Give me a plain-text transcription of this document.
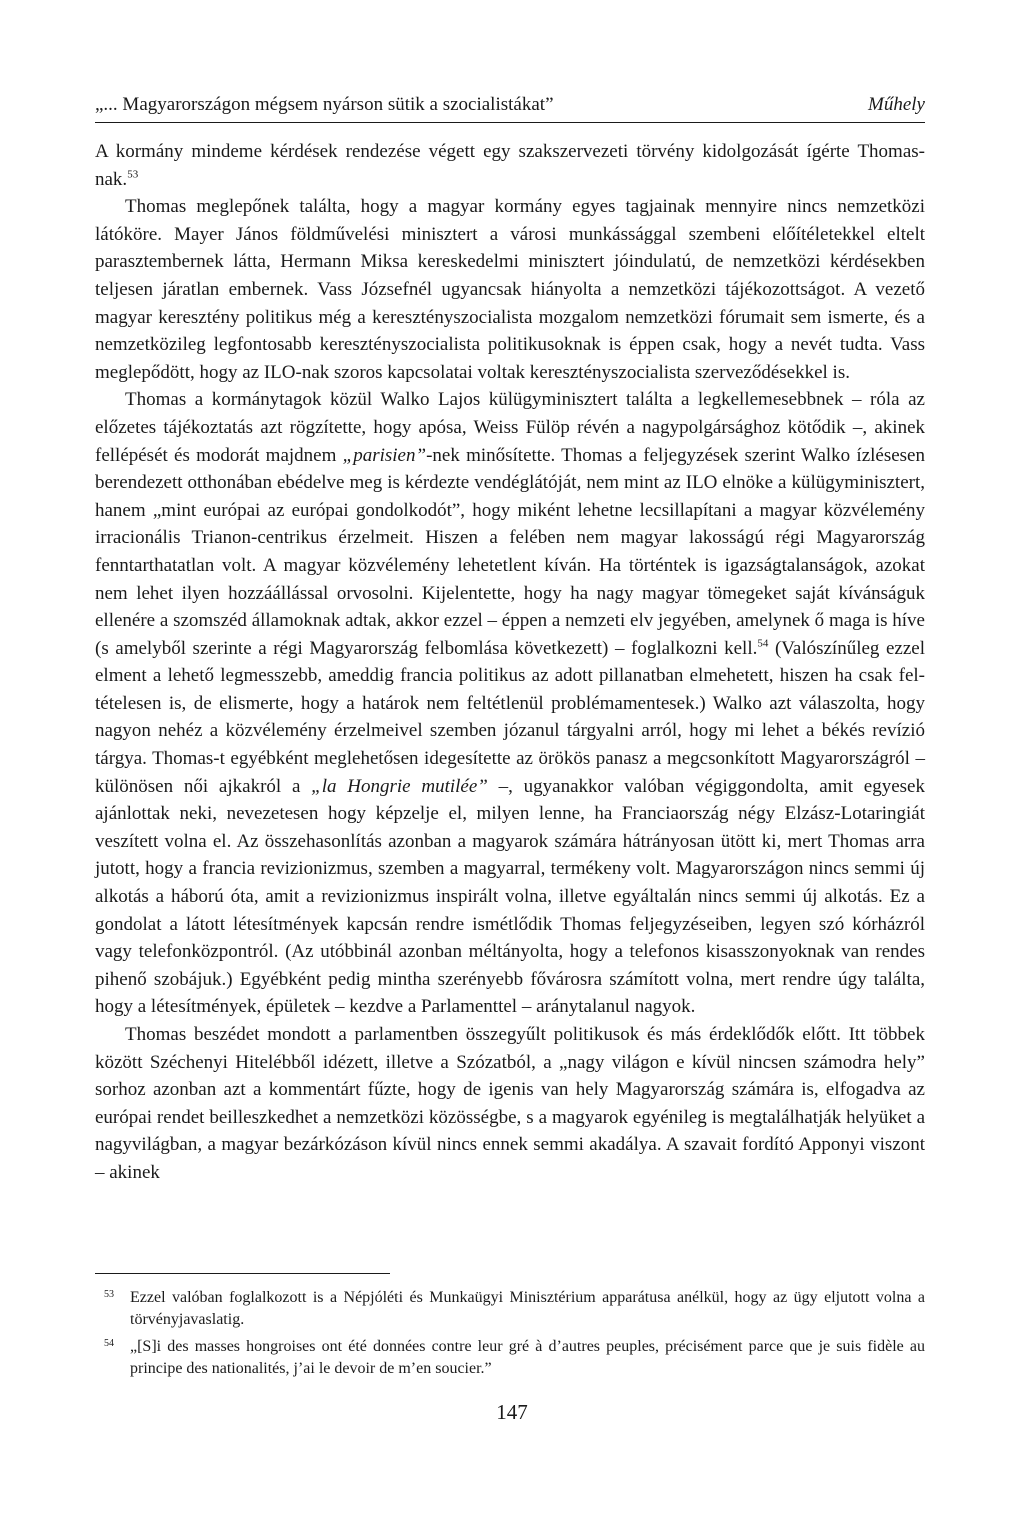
„... Magyarországon mégsem nyárson sütik a szocialistákat”	Műhely

A kormány mindeme kérdések rendezése végett egy szakszervezeti törvény kidolgozását ígérte Thomas-nak.$^{53}$

Thomas meglepőnek találta, hogy a magyar kormány egyes tagjainak mennyire nincs nemzetközi látóköre. Mayer János földművelési minisztert a városi munkássággal szembeni előítéletekkel eltelt parasztembernek látta, Hermann Miksa kereskedelmi minisztert jóindulatú, de nemzetközi kérdésekben teljesen járatlan embernek. Vass Józsefnél ugyancsak hiányolta a nemzetközi tájékozottságot. A vezető magyar keresztény politikus még a keresztényszocialista mozgalom nemzetközi fórumait sem ismerte, és a nemzetközileg legfontosabb keresztényszocialista politikusoknak is éppen csak, hogy a nevét tudta. Vass meglepődött, hogy az ILO-nak szoros kapcsolatai voltak keresztényszocialista szerveződésekkel is.

Thomas a kormánytagok közül Walko Lajos külügyminisztert találta a legkellemesebbnek – róla az előzetes tájékoztatás azt rögzítette, hogy apósa, Weiss Fülöp révén a nagypolgársághoz kötődik –, akinek fellépését és modorát majdnem „parisien”-nek minősítette. Thomas a feljegyzések szerint Walko ízlésesen berendezett otthonában ebédelve meg is kérdezte vendéglátóját, nem mint az ILO elnöke a külügyminisztert, hanem „mint európai az európai gondolkodót”, hogy miként lehetne lecsillapítani a magyar közvélemény irracionális Trianon-centrikus érzelmeit. Hiszen a felében nem magyar lakosságú régi Magyarország fenntarthatatlan volt. A magyar közvélemény lehetetlent kíván. Ha történtek is igazságtalanságok, azokat nem lehet ilyen hozzáállással orvosolni. Kijelentette, hogy ha nagy magyar tömegeket saját kívánságuk ellenére a szomszéd államoknak adtak, akkor ezzel – éppen a nemzeti elv jegyében, amelynek ő maga is híve (s amelyből szerinte a régi Magyarország felbomlása következett) – foglalkozni kell.$^{54}$ (Valószínűleg ezzel elment a lehető legmesszebb, ameddig francia politikus az adott pillanatban elmehetett, hiszen ha csak feltételesen is, de elismerte, hogy a határok nem feltétlenül problémamentesek.) Walko azt válaszolta, hogy nagyon nehéz a közvélemény érzelmeivel szemben józanul tárgyalni arról, hogy mi lehet a békés revízió tárgya. Thomas-t egyébként meglehetősen idegesítette az örökös panasz a megcsonkított Magyarországról – különösen női ajkakról a „la Hongrie mutilée” –, ugyanakkor valóban végiggondolta, amit egyesek ajánlottak neki, nevezetesen hogy képzelje el, milyen lenne, ha Franciaország négy Elzász-Lotaringiát veszített volna el. Az összehasonlítás azonban a magyarok számára hátrányosan ütött ki, mert Thomas arra jutott, hogy a francia revizionizmus, szemben a magyarral, termékeny volt. Magyarországon nincs semmi új alkotás a háború óta, amit a revizionizmus inspirált volna, illetve egyáltalán nincs semmi új alkotás. Ez a gondolat a látott létesítmények kapcsán rendre ismétlődik Thomas feljegyzéseiben, legyen szó kórházról vagy telefonközpontról. (Az utóbbinál azonban méltányolta, hogy a telefonos kisasszonyoknak van rendes pihenő szobájuk.) Egyébként pedig mintha szerényebb fővárosra számított volna, mert rendre úgy találta, hogy a létesítmények, épületek – kezdve a Parlamenttel – aránytalanul nagyok.

Thomas beszédet mondott a parlamentben összegyűlt politikusok és más érdeklődők előtt. Itt többek között Széchenyi Hitelébből idézett, illetve a Szózatból, a „nagy világon e kívül nincsen számodra hely” sorhoz azonban azt a kommentárt fűzte, hogy de igenis van hely Magyarország számára is, elfogadva az európai rendet beilleszkedhet a nemzetközi közösségbe, s a magyarok egyénileg is megtalálhatják helyüket a nagyvilágban, a magyar bezárkózáson kívül nincs ennek semmi akadálya. A szavait fordító Apponyi viszont – akinek

53 Ezzel valóban foglalkozott is a Népjóléti és Munkaügyi Minisztérium apparátusa anélkül, hogy az ügy eljutott volna a törvényjavaslatig.
54 „[S]i des masses hongroises ont été données contre leur gré à d’autres peuples, précisément parce que je suis fidèle au principe des nationalités, j’ai le devoir de m’en soucier.”
147
